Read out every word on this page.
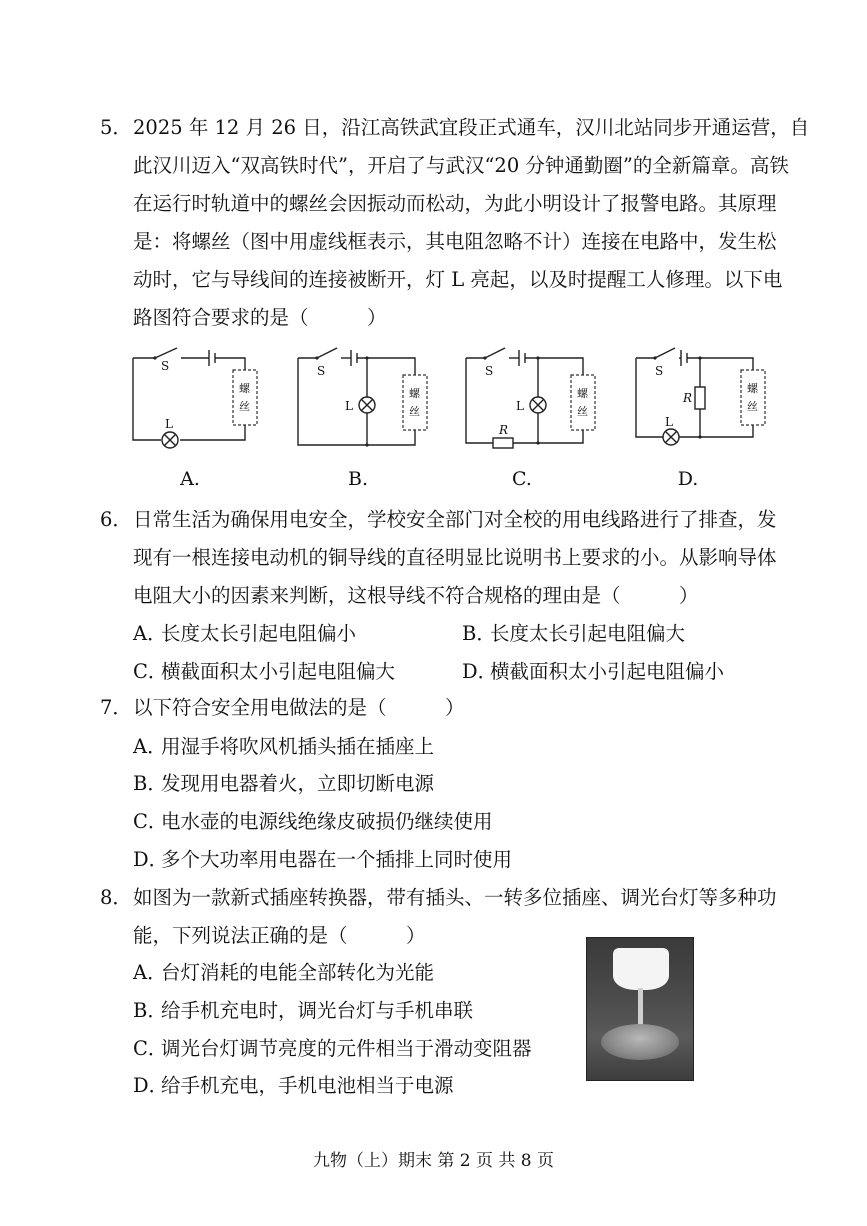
5． 2025 年 12 月 26 日，沿江高铁武宜段正式通车，汉川北站同步开通运营，自
此汉川迈入“双高铁时代”，开启了与武汉“20 分钟通勤圈”的全新篇章。高铁
在运行时轨道中的螺丝会因振动而松动，为此小明设计了报警电路。其原理
是：将螺丝（图中用虚线框表示，其电阻忽略不计）连接在电路中，发生松
动时，它与导线间的连接被断开，灯 L 亮起，以及时提醒工人修理。以下电
路图符合要求的是（　　　）
螺
丝
S
L
A.
螺
丝
S
L
B.
螺
丝
S
L
R
C.
螺
丝
S
L
R
D.
6． 日常生活为确保用电安全，学校安全部门对全校的用电线路进行了排查，发
现有一根连接电动机的铜导线的直径明显比说明书上要求的小。从影响导体
电阻大小的因素来判断，这根导线不符合规格的理由是（　　　）
A．长度太长引起电阻偏小	B．长度太长引起电阻偏大
C．横截面积太小引起电阻偏大	D．横截面积太小引起电阻偏小
7． 以下符合安全用电做法的是（　　　）
A．用湿手将吹风机插头插在插座上
B．发现用电器着火，立即切断电源
C．电水壶的电源线绝缘皮破损仍继续使用
D．多个大功率用电器在一个插排上同时使用
8． 如图为一款新式插座转换器，带有插头、一转多位插座、调光台灯等多种功
能，下列说法正确的是（　　　）
A．台灯消耗的电能全部转化为光能
B．给手机充电时，调光台灯与手机串联
C．调光台灯调节亮度的元件相当于滑动变阻器
D．给手机充电，手机电池相当于电源
九物（上）期末 第 2 页 共 8 页
